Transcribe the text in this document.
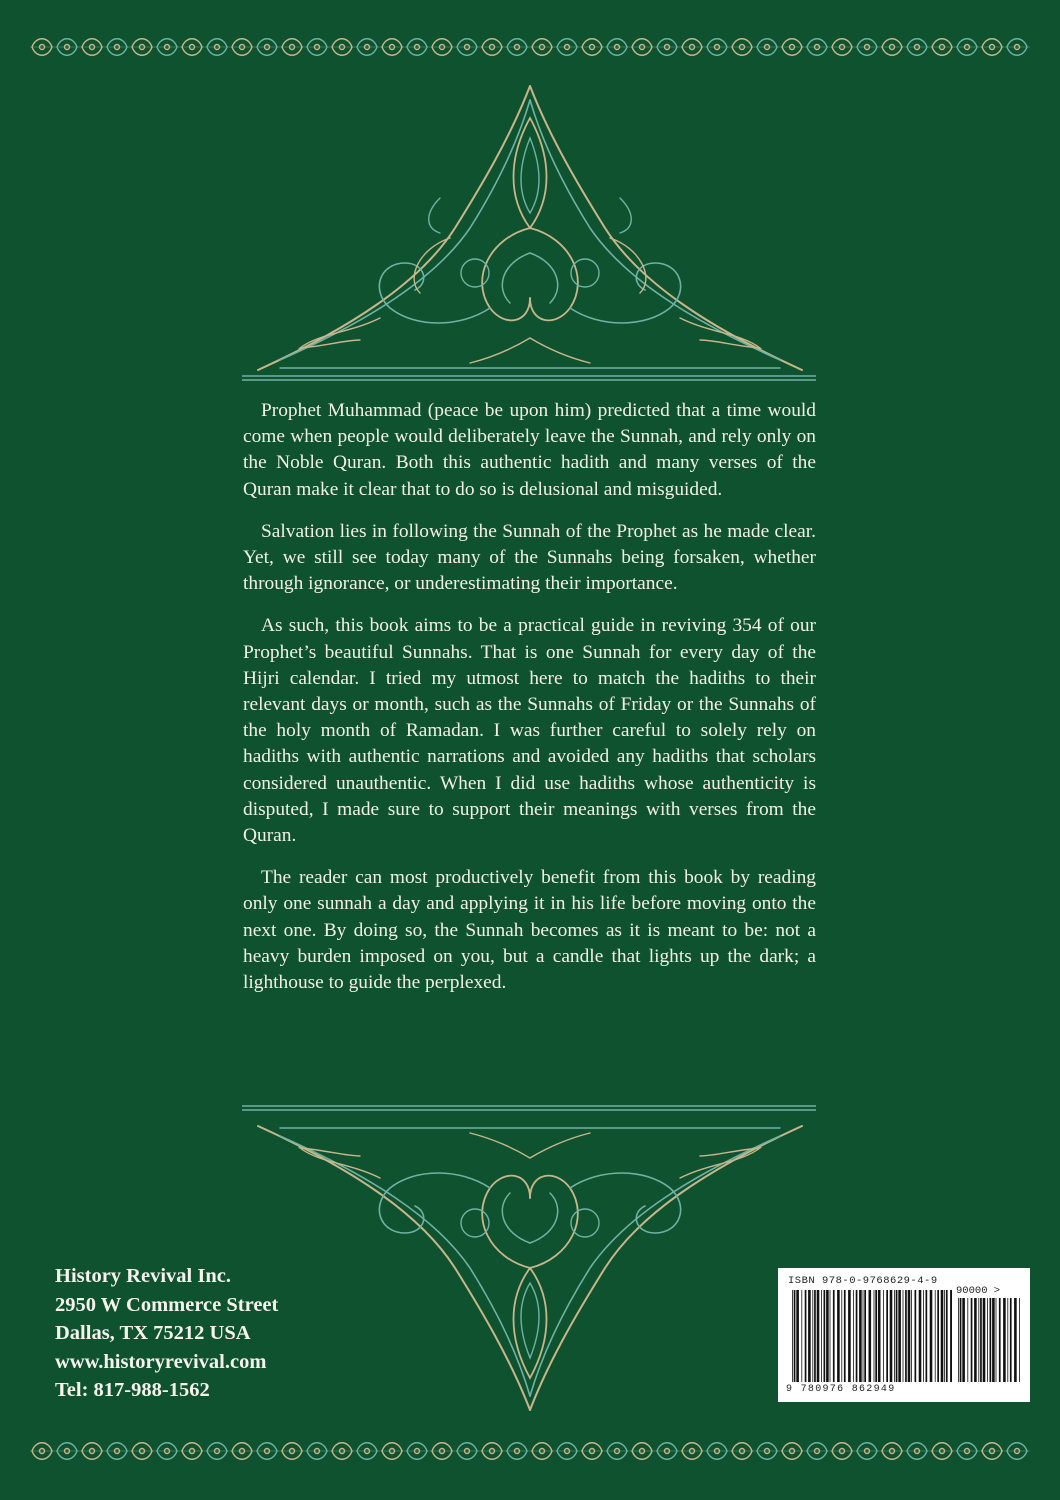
Prophet Muhammad (peace be upon him) predicted that a time would come when people would deliberately leave the Sunnah, and rely only on the Noble Quran. Both this authentic hadith and many verses of the Quran make it clear that to do so is delusional and misguided.

Salvation lies in following the Sunnah of the Prophet as he made clear. Yet, we still see today many of the Sunnahs being forsaken, whether through ignorance, or underestimating their importance.

As such, this book aims to be a practical guide in reviving 354 of our Prophet’s beautiful Sunnahs. That is one Sunnah for every day of the Hijri calendar. I tried my utmost here to match the hadiths to their relevant days or month, such as the Sunnahs of Friday or the Sunnahs of the holy month of Ramadan. I was further careful to solely rely on hadiths with authentic narrations and avoided any hadiths that scholars considered unauthentic. When I did use hadiths whose authenticity is disputed, I made sure to support their meanings with verses from the Quran.

The reader can most productively benefit from this book by reading only one sunnah a day and applying it in his life before moving onto the next one. By doing so, the Sunnah becomes as it is meant to be: not a heavy burden imposed on you, but a candle that lights up the dark; a lighthouse to guide the perplexed.

History Revival Inc.
2950 W Commerce Street
Dallas, TX 75212 USA
www.historyrevival.com
Tel: 817-988-1562
ISBN 978-0-9768629-4-9
90000 >
9 780976 862949
